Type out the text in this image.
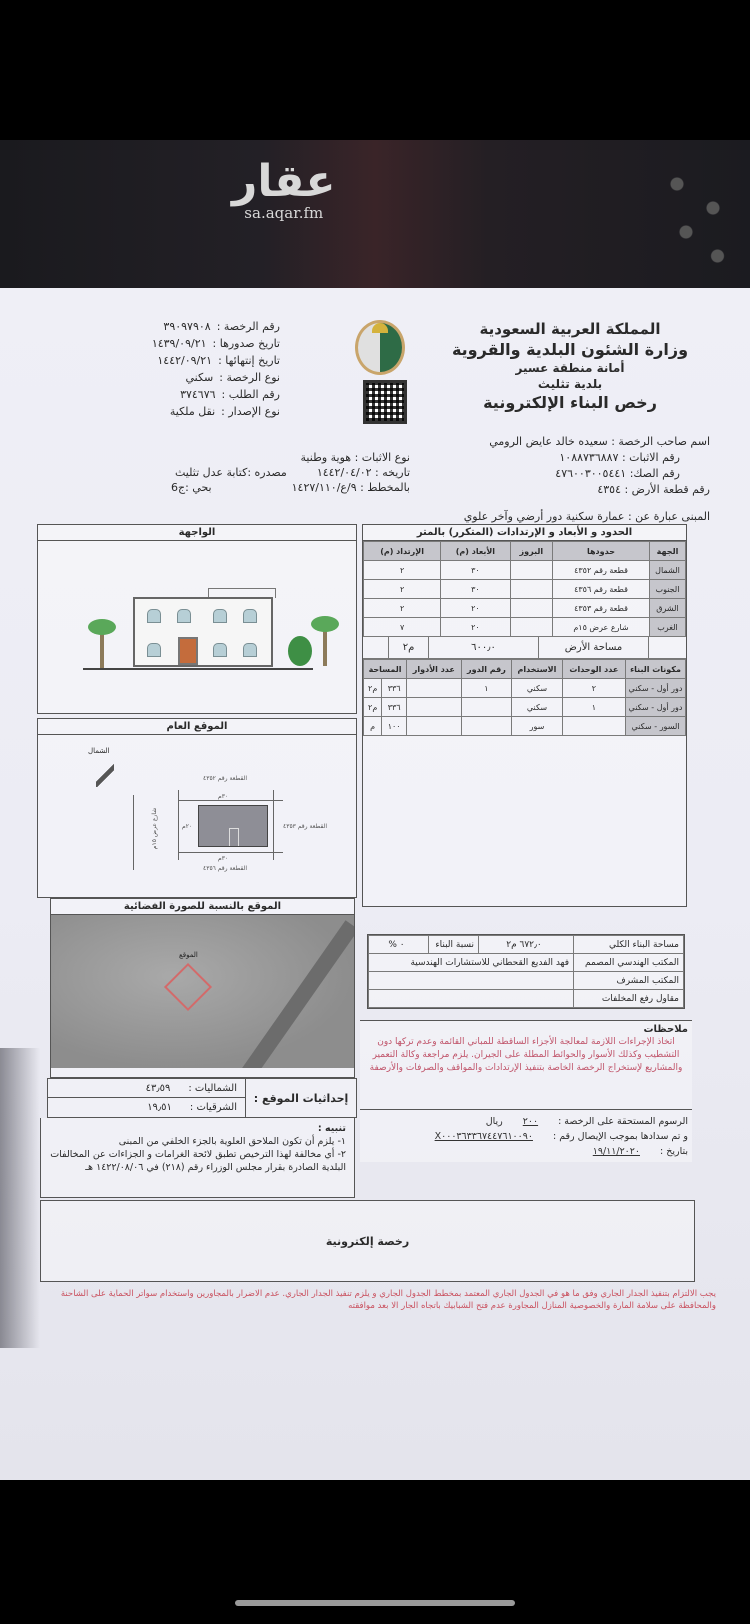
عقار
sa.aqar.fm
المملكة العربية السعودية
وزارة الشئون البلدية والقروية
أمانة منطقة عسير
بلدية تثليث
رخص البناء الإلكترونية
اسم صاحب الرخصة : سعيده خالد عايض الرومي
رقم الاثبات : ١٠٨٨٧٣٦٨٨٧
رقم الصك: ٤٧٦٠٠٣٠٠٥٤٤١
رقم قطعة الأرض : ٤٣٥٤
رقم الرخصة :
٣٩٠٩٧٩٠٨
تاريخ صدورها :
١٤٣٩/٠٩/٢١
تاريخ إنتهائها :
١٤٤٢/٠٩/٢١
نوع الرخصة :
سكني
رقم الطلب :
٣٧٤٦٧٦
نوع الإصدار :
نقل ملكية
نوع الاثبات : هوية وطنية
تاريخه : ١٤٤٢/٠٤/٠٢
مصدره :كتابة عدل تثليث
بالمخطط : ٩/ع/١٤٢٧/١١٠
بحي :ج6
المبنى عبارة عن : عمارة سكنية دور أرضي وآخر علوي
الحدود و الأبعاد و الإرتدادات (المتكرر) بالمتر
الجهة	حدودها	البروز	الأبعاد (م)	الإرتداد (م)
الشمال	قطعة رقم ٤٣٥٢		٣٠	٢
الجنوب	قطعة رقم ٤٣٥٦		٣٠	٢
الشرق	قطعة رقم ٤٣٥٣		٢٠	٢
الغرب	شارع عرض ١٥م		٢٠	٧
مساحة الأرض
٦٠٠٫٠
م٢
مكونات البناء	عدد الوحدات	الاستخدام	رقم الدور	عدد الأدوار	المساحة	
دور أول - سكني	٢	سكني	١		٣٣٦	م٢
دور أول - سكني	١	سكني			٣٣٦	م٢
السور - سكني		سور			١٠٠	م
مساحة البناء الكلي	٦٧٢٫٠ م٢	نسبة البناء	٠ %
المكتب الهندسي المصمم	فهد الفديع القحطاني للاستشارات الهندسية		
المكتب المشرف			
مقاول رفع المخلفات			
ملاحظات
اتخاذ الإجراءات اللازمة لمعالجة الأجزاء الساقطة للمباني القائمة وعدم تركها دون التشطيب وكذلك الأسوار والحوائط المطلة على الجيران. يلزم مراجعة وكالة التعمير والمشاريع لإستخراج الرخصة الخاصة بتنفيذ الإرتدادات والمواقف والصرفات والأرصفة
الرسوم المستحقة على الرخصة :
٢٠٠
ريال
و تم سدادها بموجب الإيصال رقم :
X٠٠٠٣٦٣٣٦٧٤٤٧٦١٠٠٩٠
بتاريخ :
١٩/١١/٢٠٢٠
الواجهة
الموقع العام
الشمال
القطعة رقم ٤٣٥٢
٣٠م
القطعة رقم ٤٣٥٣
٣٠م
القطعة رقم ٤٣٥٦
شارع عرض ١٥م	٢٠م
الموقع بالنسبة للصورة الفضائية
الموقع
إحداثيات الموقع :
الشماليات :
٤٣٫٥٩
الشرقيات :
١٩٫٥١
تنبيه :
١- يلزم أن تكون الملاحق العلوية بالجزء الخلفي من المبنى
٢- أي مخالفة لهذا الترخيص تطبق لائحة الغرامات و الجزاءات عن المخالفات البلدية الصادرة بقرار مجلس الوزراء رقم (٢١٨) في ١٤٢٢/٠٨/٠٦ هـ
رخصة إلكترونية
يجب الالتزام بتنفيذ الجدار الجاري وفق ما هو في الجدول الجاري المعتمد بمخطط الجدول الجاري و يلزم تنفيذ الجدار الجاري. عدم الاضرار بالمجاورين واستخدام سواتر الحماية على الشاحنة والمحافظة على سلامة المارة والخصوصية المنازل المجاورة عدم فتح الشبابيك باتجاه الجار الا بعد موافقته
